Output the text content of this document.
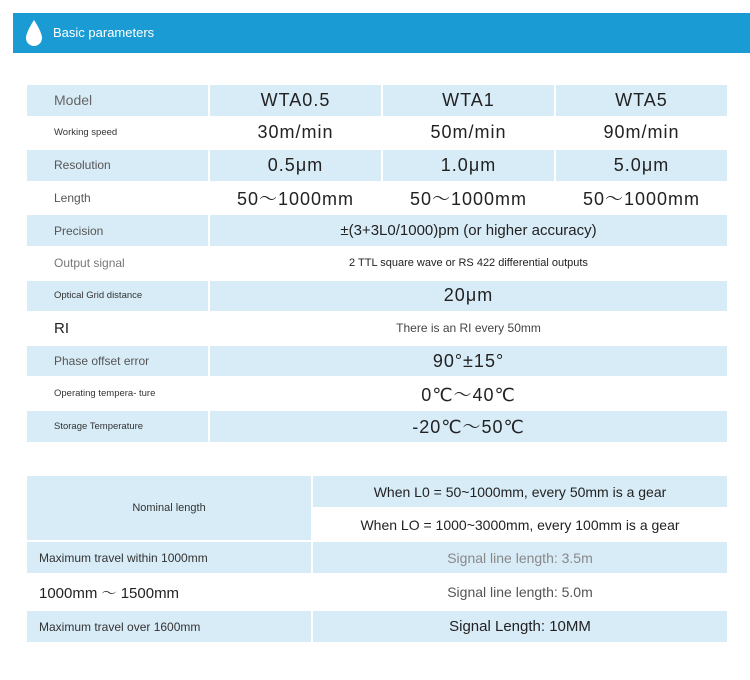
Basic parameters
Model	WTA0.5	WTA1	WTA5
Working speed	30m/min	50m/min	90m/min
Resolution	0.5μm	1.0μm	5.0μm
Length	50～1000mm	50～1000mm	50～1000mm
Precision	±(3+3L0/1000)pm (or higher accuracy)		
Output signal	2 TTL square wave or RS 422 differential outputs		
Optical Grid distance	20μm		
RI	There is an RI every 50mm		
Phase offset error	90°±15°		
Operating tempera- ture	0℃～40℃		
Storage Temperature	-20℃～50℃		
Nominal length	When L0 = 50~1000mm, every 50mm is a gear
	When LO = 1000~3000mm, every 100mm is a gear
Maximum travel within 1000mm	Signal line length: 3.5m
1000mm ～ 1500mm	Signal line length: 5.0m
Maximum travel over 1600mm	Signal Length: 10MM
